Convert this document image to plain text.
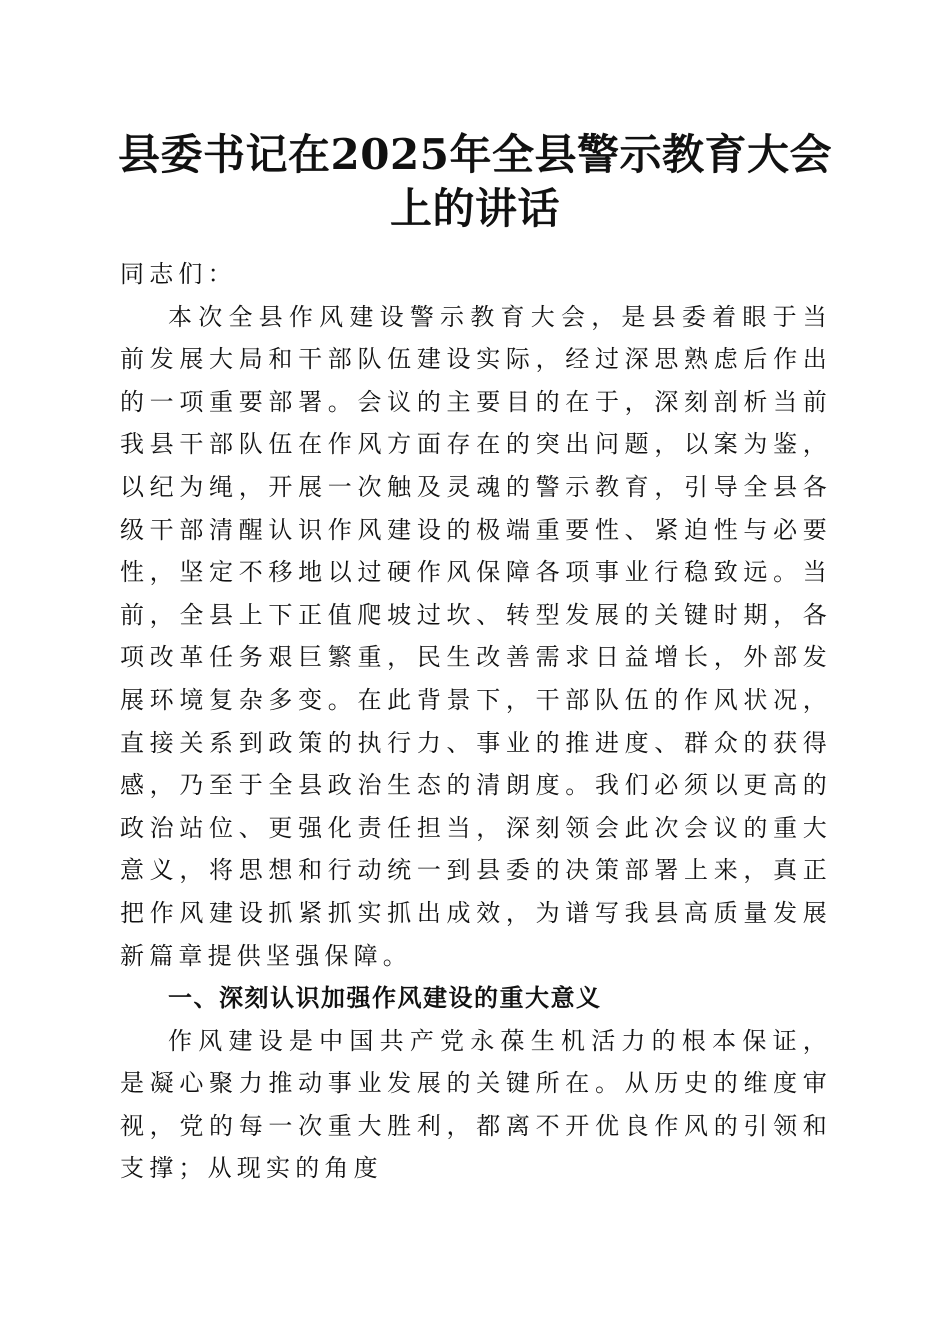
县委书记在2025年全县警示教育大会上的讲话

同志们：

本次全县作风建设警示教育大会，是县委着眼于当前发展大局和干部队伍建设实际，经过深思熟虑后作出的一项重要部署。会议的主要目的在于，深刻剖析当前我县干部队伍在作风方面存在的突出问题，以案为鉴，以纪为绳，开展一次触及灵魂的警示教育，引导全县各级干部清醒认识作风建设的极端重要性、紧迫性与必要性，坚定不移地以过硬作风保障各项事业行稳致远。当前，全县上下正值爬坡过坎、转型发展的关键时期，各项改革任务艰巨繁重，民生改善需求日益增长，外部发展环境复杂多变。在此背景下，干部队伍的作风状况，直接关系到政策的执行力、事业的推进度、群众的获得感，乃至于全县政治生态的清朗度。我们必须以更高的政治站位、更强化责任担当，深刻领会此次会议的重大意义，将思想和行动统一到县委的决策部署上来，真正把作风建设抓紧抓实抓出成效，为谱写我县高质量发展新篇章提供坚强保障。

一、深刻认识加强作风建设的重大意义

作风建设是中国共产党永葆生机活力的根本保证，是凝心聚力推动事业发展的关键所在。从历史的维度审视，党的每一次重大胜利，都离不开优良作风的引领和支撑；从现实的角度
